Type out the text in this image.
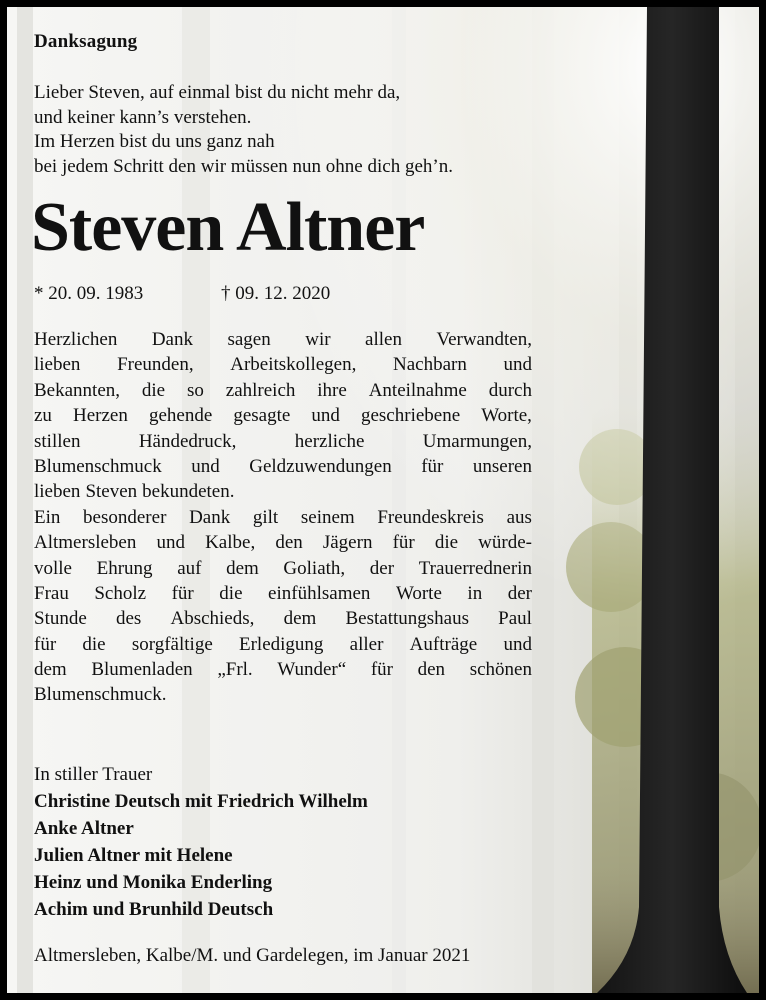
Danksagung
Lieber Steven, auf einmal bist du nicht mehr da,
und keiner kann’s verstehen.
Im Herzen bist du uns ganz nah
bei jedem Schritt den wir müssen nun ohne dich geh’n.
Steven Altner
* 20. 09. 1983	† 09. 12. 2020
Herzlichen Dank sagen wir allen Verwandten,
lieben Freunden, Arbeitskollegen, Nachbarn und
Bekannten, die so zahlreich ihre Anteilnahme durch
zu Herzen gehende gesagte und geschriebene Worte,
stillen	Händedruck,	herzliche	Umarmungen,
Blumenschmuck und Geldzuwendungen für unseren
lieben Steven bekundeten.
Ein besonderer Dank gilt seinem Freundeskreis aus
Altmersleben und Kalbe, den Jägern für die würde-
volle Ehrung auf dem Goliath, der Trauerrednerin
Frau Scholz für die einfühlsamen Worte in der
Stunde des Abschieds, dem Bestattungshaus Paul
für die sorgfältige Erledigung aller Aufträge und
dem Blumenladen „Frl. Wunder“ für den schönen
Blumenschmuck.
In stiller Trauer
Christine Deutsch mit Friedrich Wilhelm
Anke Altner
Julien Altner mit Helene
Heinz und Monika Enderling
Achim und Brunhild Deutsch
Altmersleben, Kalbe/M. und Gardelegen, im Januar 2021
